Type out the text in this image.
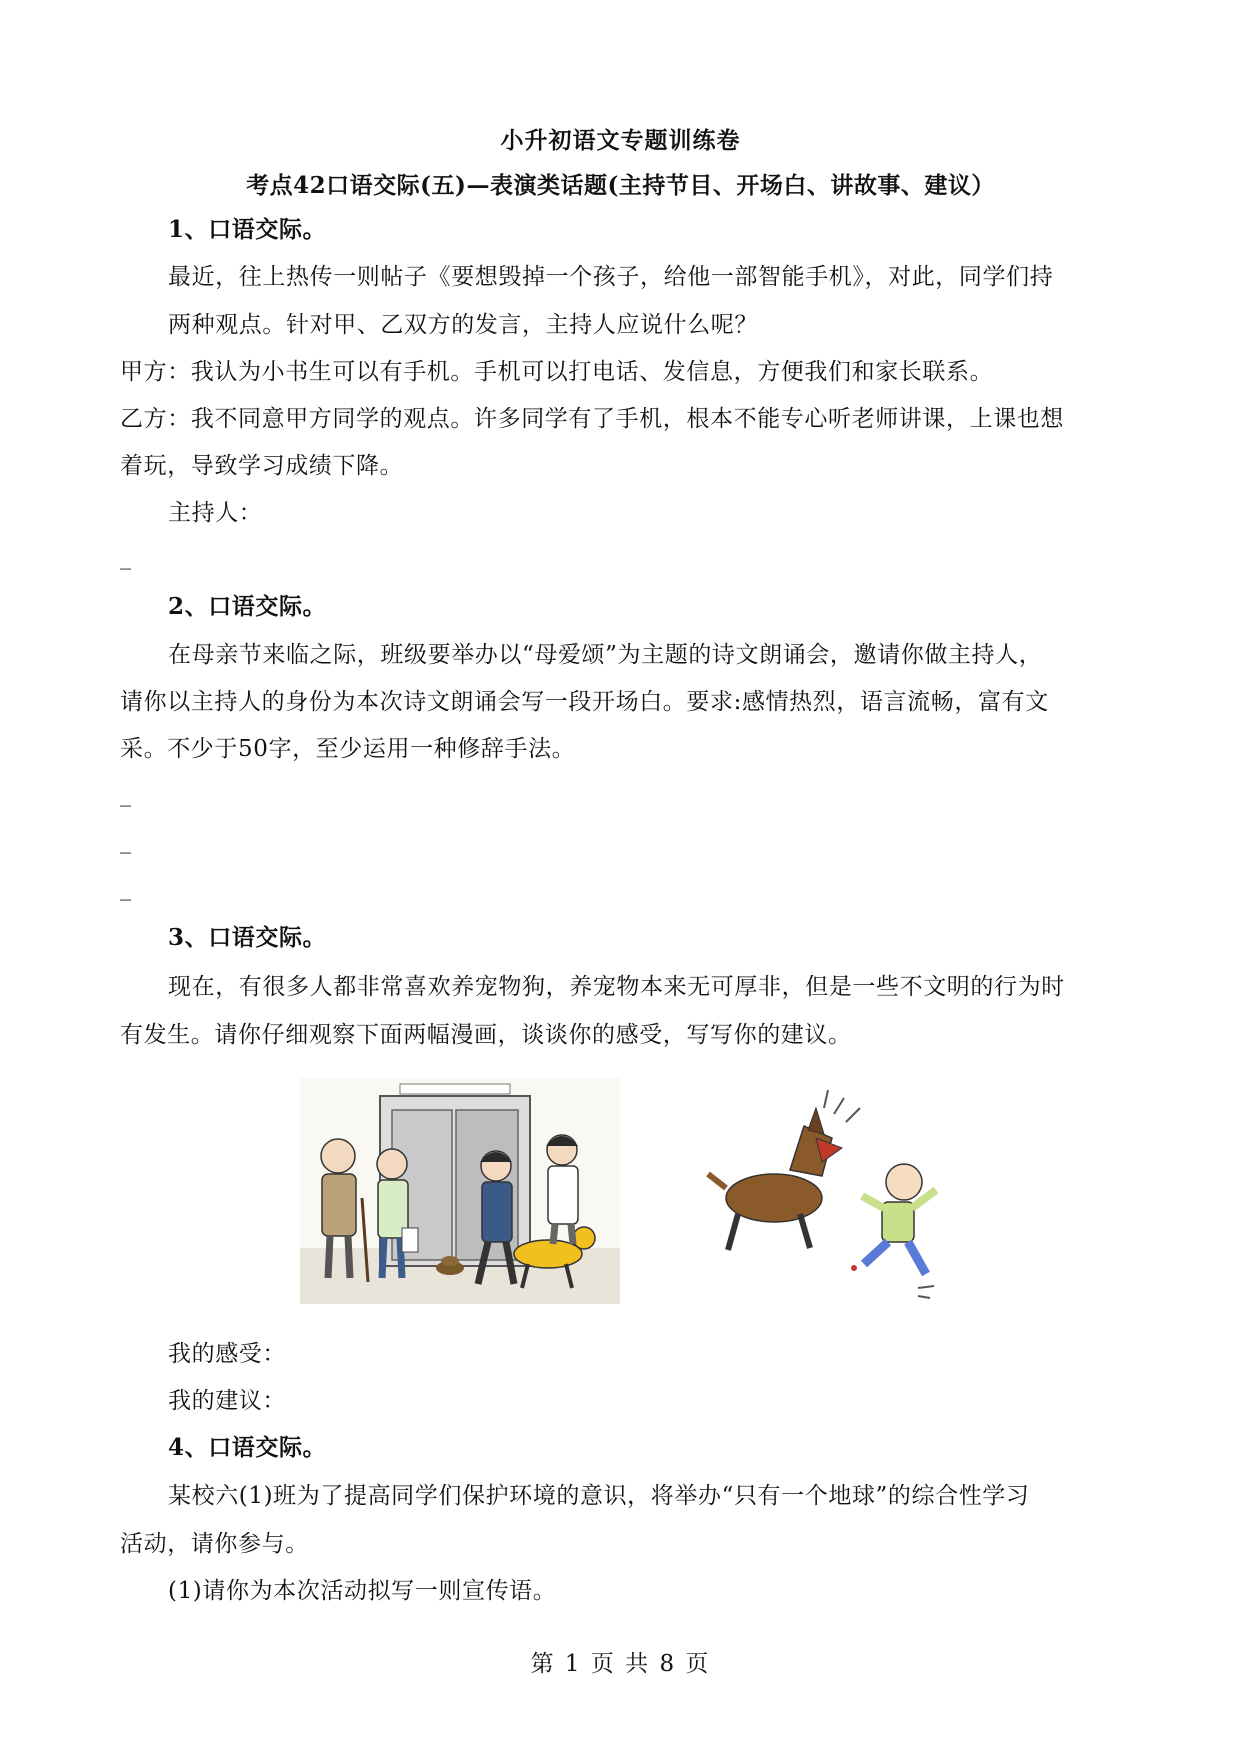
小升初语文专题训练卷
考点42口语交际(五)—表演类话题(主持节目、开场白、讲故事、建议）
1、口语交际。
最近，往上热传一则帖子《要想毁掉一个孩子，给他一部智能手机》，对此，同学们持
两种观点。针对甲、乙双方的发言，主持人应说什么呢？
甲方：我认为小书生可以有手机。手机可以打电话、发信息，方便我们和家长联系。
乙方：我不同意甲方同学的观点。许多同学有了手机，根本不能专心听老师讲课，上课也想
着玩，导致学习成绩下降。
主持人：
_
2、口语交际。
在母亲节来临之际，班级要举办以“母爱颂”为主题的诗文朗诵会，邀请你做主持人，
请你以主持人的身份为本次诗文朗诵会写一段开场白。要求:感情热烈，语言流畅，富有文
采。不少于50字，至少运用一种修辞手法。
_
_
_
3、口语交际。
现在，有很多人都非常喜欢养宠物狗，养宠物本来无可厚非，但是一些不文明的行为时
有发生。请你仔细观察下面两幅漫画，谈谈你的感受，写写你的建议。
我的感受：
我的建议：
4、口语交际。
某校六(1)班为了提高同学们保护环境的意识，将举办“只有一个地球”的综合性学习
活动，请你参与。
(1)请你为本次活动拟写一则宣传语。
第 1 页 共 8 页
